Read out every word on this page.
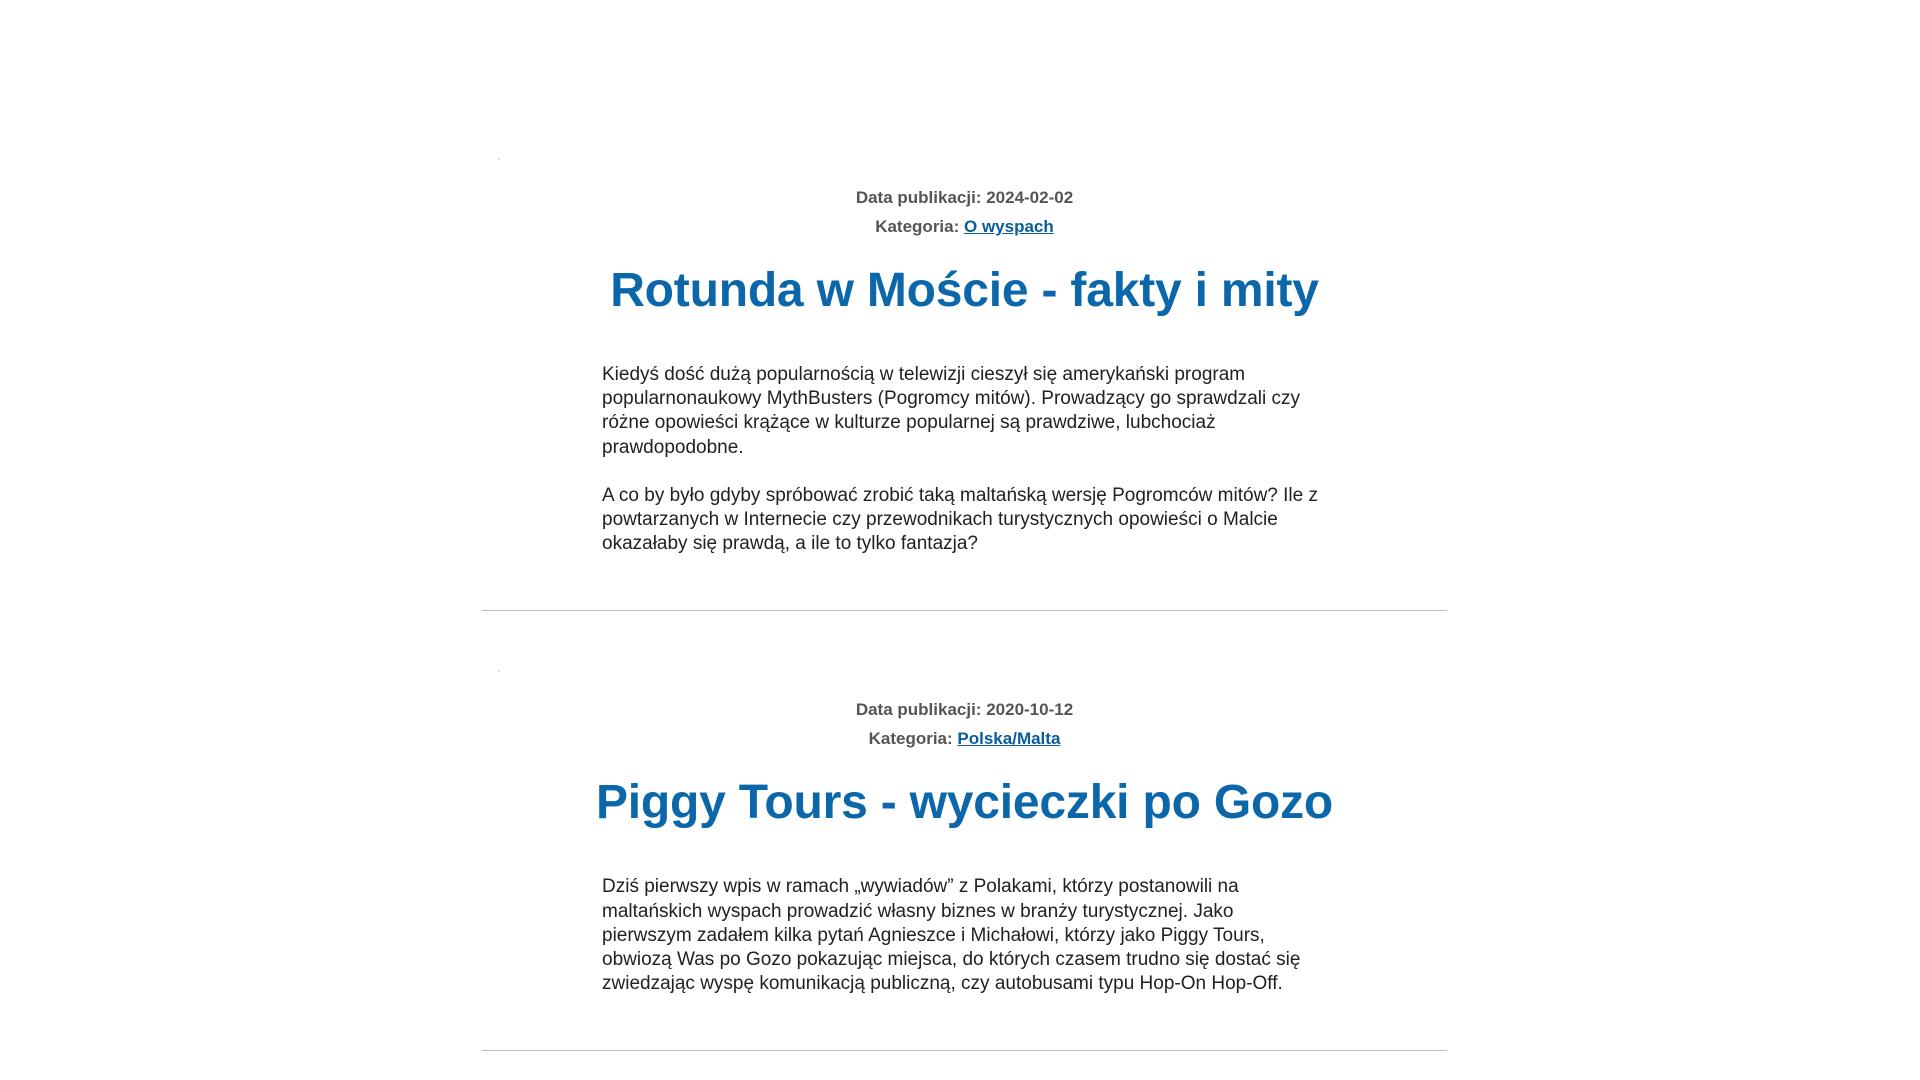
Data publikacji: 2024-02-02
Kategoria: O wyspach
Rotunda w Moście - fakty i mity

Kiedyś dość dużą popularnością w telewizji cieszył się amerykański program popularnonaukowy MythBusters (Pogromcy mitów). Prowadzący go sprawdzali czy różne opowieści krążące w kulturze popularnej są prawdziwe, lubchociaż prawdopodobne.

A co by było gdyby spróbować zrobić taką maltańską wersję Pogromców mitów? Ile z powtarzanych w Internecie czy przewodnikach turystycznych opowieści o Malcie okazałaby się prawdą, a ile to tylko fantazja?

Data publikacji: 2020-10-12
Kategoria: Polska/Malta
Piggy Tours - wycieczki po Gozo

Dziś pierwszy wpis w ramach „wywiadów” z Polakami, którzy postanowili na maltańskich wyspach prowadzić własny biznes w branży turystycznej. Jako pierwszym zadałem kilka pytań Agnieszce i Michałowi, którzy jako Piggy Tours, obwiozą Was po Gozo pokazując miejsca, do których czasem trudno się dostać się zwiedzając wyspę komunikacją publiczną, czy autobusami typu Hop-On Hop-Off.
